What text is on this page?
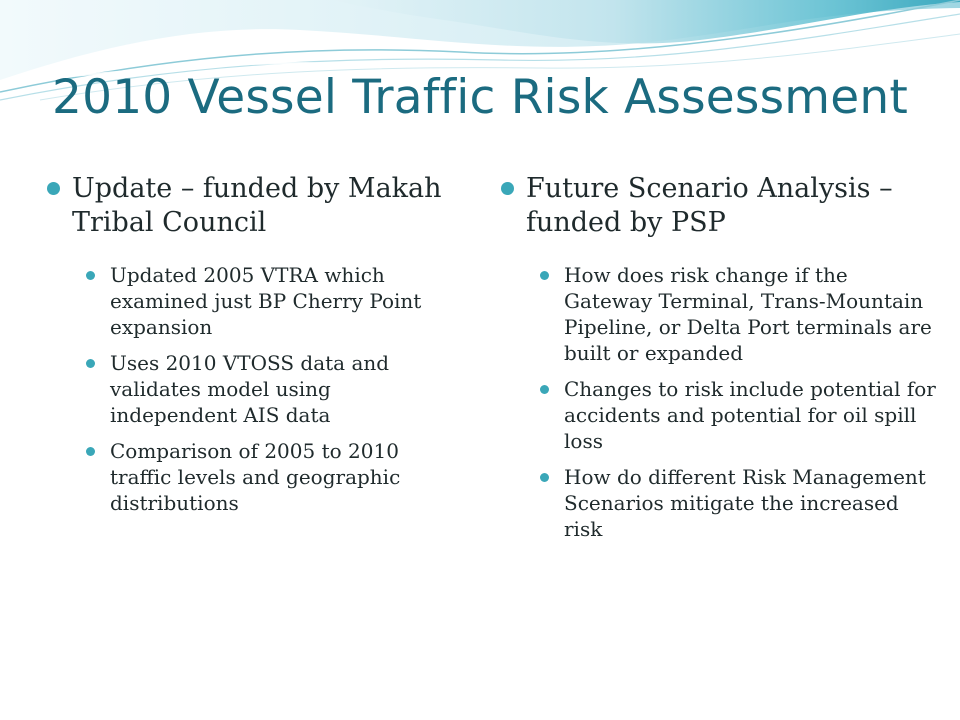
2010 Vessel Traffic Risk Assessment
Update – funded by Makah Tribal Council
Updated 2005 VTRA which examined just BP Cherry Point expansion
Uses 2010 VTOSS data and validates model using independent AIS data
Comparison of 2005 to 2010 traffic levels and geographic distributions
Future Scenario Analysis – funded by PSP
How does risk change if the Gateway Terminal, Trans-Mountain Pipeline, or Delta Port terminals are built or expanded
Changes to risk include potential for accidents and potential for oil spill loss
How do different Risk Management Scenarios mitigate the increased risk
